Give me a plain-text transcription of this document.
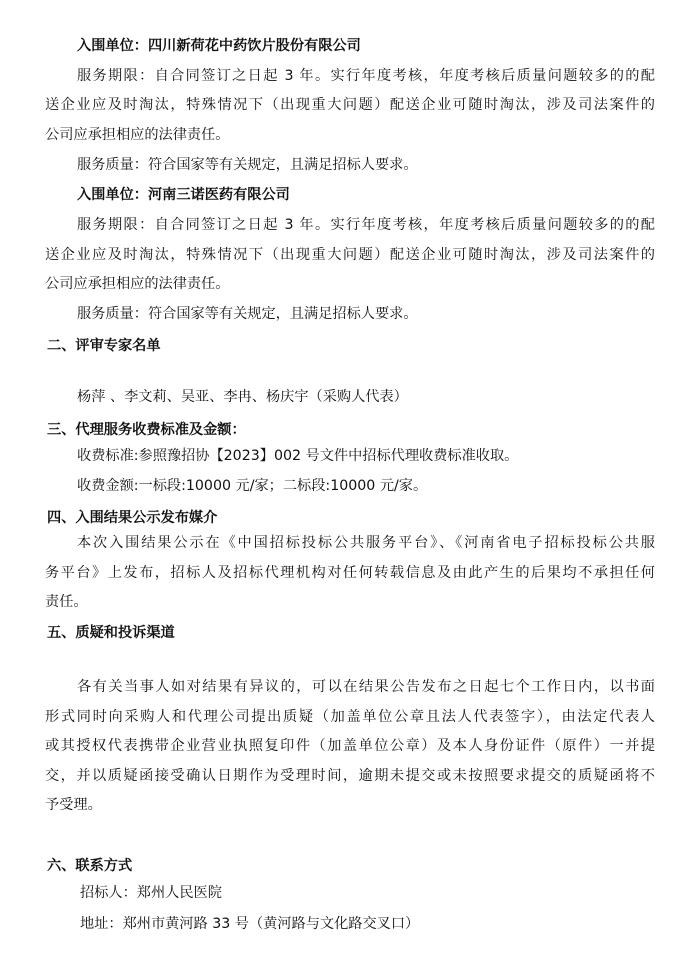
入围单位：四川新荷花中药饮片股份有限公司
服务期限：自合同签订之日起 3 年。实行年度考核，年度考核后质量问题较多的的配
送企业应及时淘汰，特殊情况下（出现重大问题）配送企业可随时淘汰，涉及司法案件的
公司应承担相应的法律责任。
服务质量：符合国家等有关规定，且满足招标人要求。
入围单位：河南三诺医药有限公司
服务期限：自合同签订之日起 3 年。实行年度考核，年度考核后质量问题较多的的配
送企业应及时淘汰，特殊情况下（出现重大问题）配送企业可随时淘汰，涉及司法案件的
公司应承担相应的法律责任。
服务质量：符合国家等有关规定，且满足招标人要求。
二、评审专家名单
杨萍 、李文莉、吴亚、李冉、杨庆宇（采购人代表）
三、代理服务收费标准及金额：
收费标准:参照豫招协【2023】002 号文件中招标代理收费标准收取。
收费金额:一标段:10000 元/家；二标段:10000 元/家。
四、入围结果公示发布媒介
本次入围结果公示在《中国招标投标公共服务平台》、《河南省电子招标投标公共服
务平台》上发布，招标人及招标代理机构对任何转载信息及由此产生的后果均不承担任何
责任。
五、质疑和投诉渠道
各有关当事人如对结果有异议的，可以在结果公告发布之日起七个工作日内，以书面
形式同时向采购人和代理公司提出质疑（加盖单位公章且法人代表签字），由法定代表人
或其授权代表携带企业营业执照复印件（加盖单位公章）及本人身份证件（原件）一并提
交，并以质疑函接受确认日期作为受理时间，逾期未提交或未按照要求提交的质疑函将不
予受理。
六、联系方式
招标人：郑州人民医院
地址：郑州市黄河路 33 号（黄河路与文化路交叉口）
